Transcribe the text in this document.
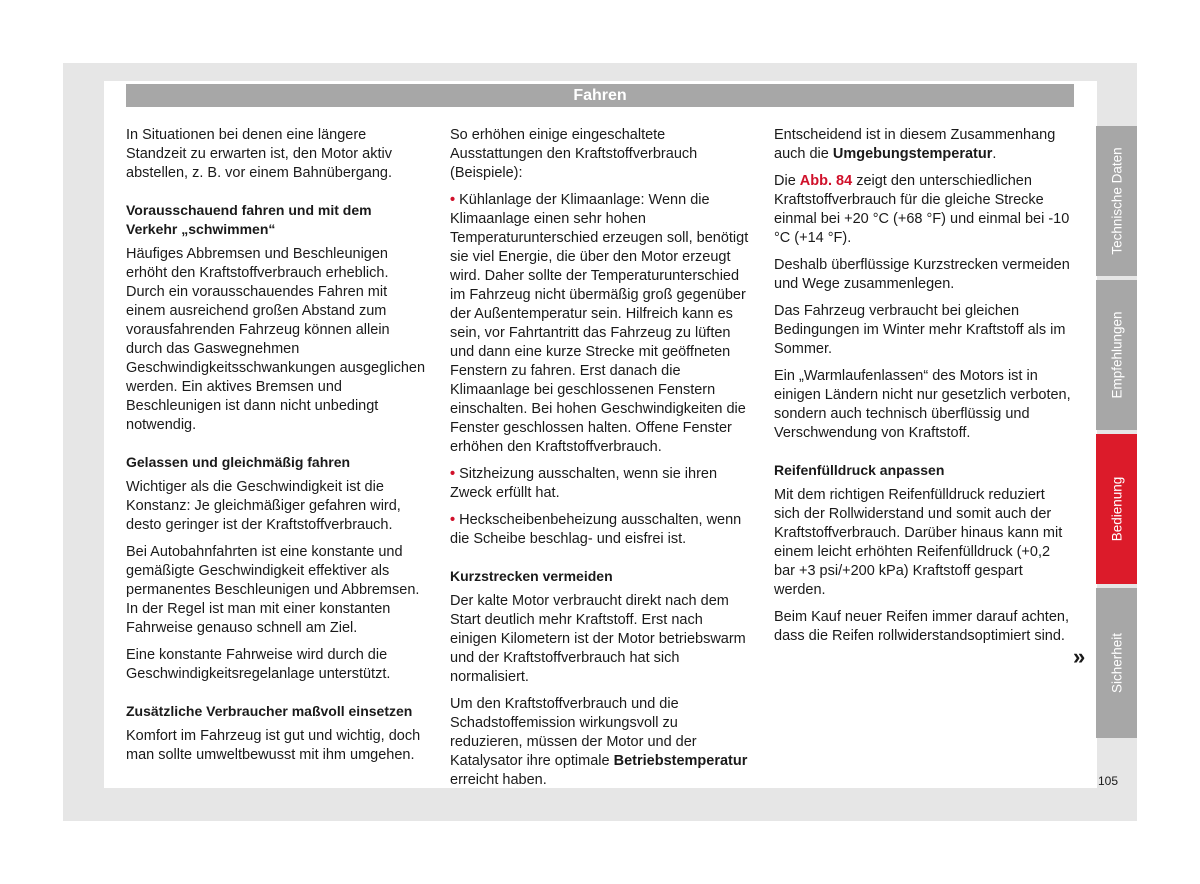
Fahren

In Situationen bei denen eine längere Standzeit zu erwarten ist, den Motor aktiv abstellen, z. B. vor einem Bahnübergang.

Vorausschauend fahren und mit dem Verkehr „schwimmen“

Häufiges Abbremsen und Beschleunigen erhöht den Kraftstoffverbrauch erheblich. Durch ein vorausschauendes Fahren mit einem ausreichend großen Abstand zum vorausfahrenden Fahrzeug können allein durch das Gaswegnehmen Geschwindigkeitsschwankungen ausgeglichen werden. Ein aktives Bremsen und Beschleunigen ist dann nicht unbedingt notwendig.

Gelassen und gleichmäßig fahren

Wichtiger als die Geschwindigkeit ist die Konstanz: Je gleichmäßiger gefahren wird, desto geringer ist der Kraftstoffverbrauch.

Bei Autobahnfahrten ist eine konstante und gemäßigte Geschwindigkeit effektiver als permanentes Beschleunigen und Abbremsen. In der Regel ist man mit einer konstanten Fahrweise genauso schnell am Ziel.

Eine konstante Fahrweise wird durch die Geschwindigkeitsregelanlage unterstützt.

Zusätzliche Verbraucher maßvoll einsetzen

Komfort im Fahrzeug ist gut und wichtig, doch man sollte umweltbewusst mit ihm umgehen.

So erhöhen einige eingeschaltete Ausstattungen den Kraftstoffverbrauch (Beispiele):

• Kühlanlage der Klimaanlage: Wenn die Klimaanlage einen sehr hohen Temperaturunterschied erzeugen soll, benötigt sie viel Energie, die über den Motor erzeugt wird. Daher sollte der Temperaturunterschied im Fahrzeug nicht übermäßig groß gegenüber der Außentemperatur sein. Hilfreich kann es sein, vor Fahrtantritt das Fahrzeug zu lüften und dann eine kurze Strecke mit geöffneten Fenstern zu fahren. Erst danach die Klimaanlage bei geschlossenen Fenstern einschalten. Bei hohen Geschwindigkeiten die Fenster geschlossen halten. Offene Fenster erhöhen den Kraftstoffverbrauch.

• Sitzheizung ausschalten, wenn sie ihren Zweck erfüllt hat.

• Heckscheibenbeheizung ausschalten, wenn die Scheibe beschlag- und eisfrei ist.

Kurzstrecken vermeiden

Der kalte Motor verbraucht direkt nach dem Start deutlich mehr Kraftstoff. Erst nach einigen Kilometern ist der Motor betriebswarm und der Kraftstoffverbrauch hat sich normalisiert.

Um den Kraftstoffverbrauch und die Schadstoffemission wirkungsvoll zu reduzieren, müssen der Motor und der Katalysator ihre optimale Betriebstemperatur erreicht haben.

Entscheidend ist in diesem Zusammenhang auch die Umgebungstemperatur.

Die Abb. 84 zeigt den unterschiedlichen Kraftstoffverbrauch für die gleiche Strecke einmal bei +20 °C (+68 °F) und einmal bei -10 °C (+14 °F).

Deshalb überflüssige Kurzstrecken vermeiden und Wege zusammenlegen.

Das Fahrzeug verbraucht bei gleichen Bedingungen im Winter mehr Kraftstoff als im Sommer.

Ein „Warmlaufenlassen“ des Motors ist in einigen Ländern nicht nur gesetzlich verboten, sondern auch technisch überflüssig und Verschwendung von Kraftstoff.

Reifenfülldruck anpassen

Mit dem richtigen Reifenfülldruck reduziert sich der Rollwiderstand und somit auch der Kraftstoffverbrauch. Darüber hinaus kann mit einem leicht erhöhten Reifenfülldruck (+0,2 bar +3 psi/+200 kPa) Kraftstoff gespart werden.

Beim Kauf neuer Reifen immer darauf achten, dass die Reifen rollwiderstandsoptimiert sind.

»
Technische Daten
Empfehlungen
Bedienung
Sicherheit
105
